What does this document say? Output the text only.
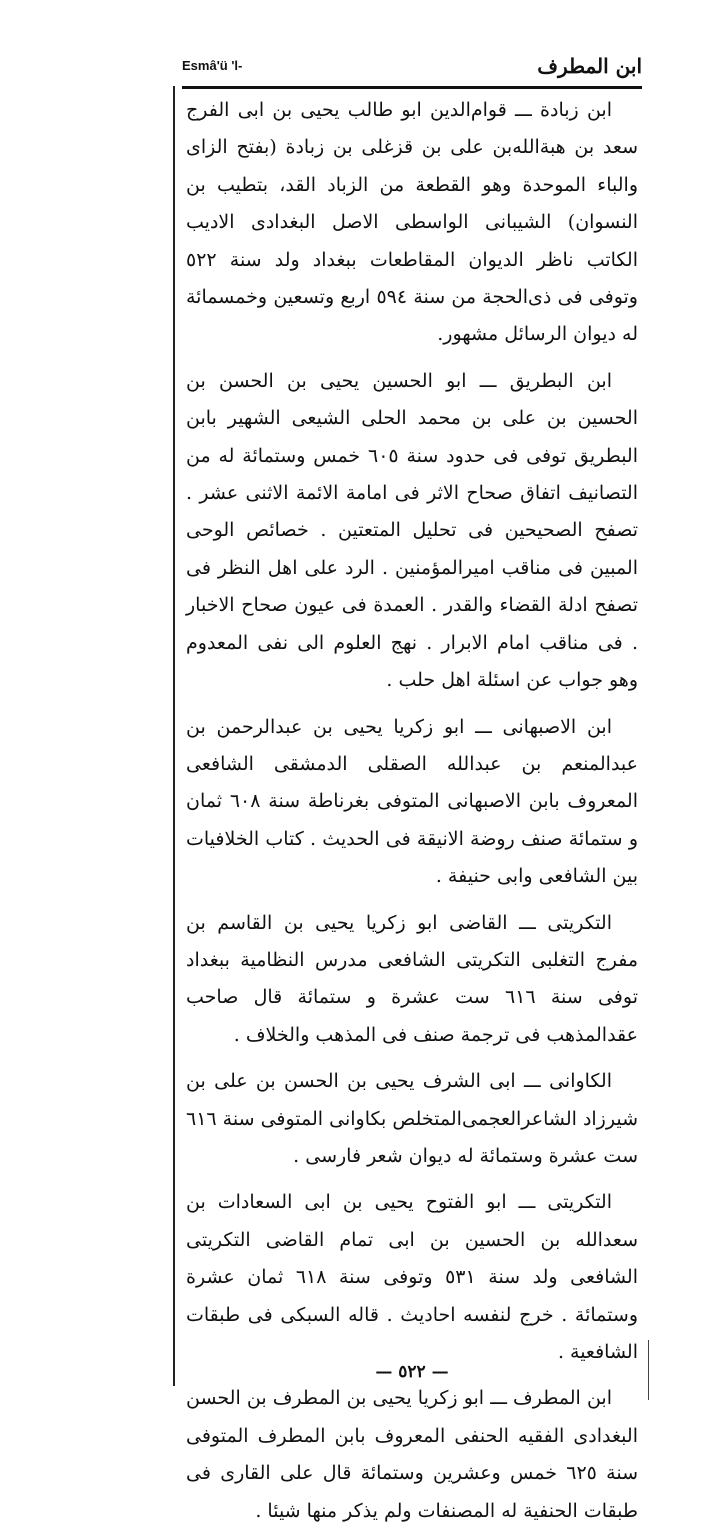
Esmâ'ü 'l-	ابن المطرف

ابن زبادة ـــ قوام‌الدين ابو طالب يحيى بن ابى الفرج سعد بن هبةالله‌بن على بن قزغلى بن زبادة (بفتح الزاى والباء الموحدة وهو القطعة من الزباد القد، بتطيب بن النسوان) الشيبانى الواسطى الاصل البغدادى الاديب الكاتب ناظر الديوان المقاطعات ببغداد ولد سنة ٥٢٢ وتوفى فى ذى‌الحجة من سنة ٥٩٤ اربع وتسعين وخمسمائة له ديوان الرسائل مشهور.

ابن البطريق ـــ ابو الحسين يحيى بن الحسن بن الحسين بن على بن محمد الحلى الشيعى الشهير بابن البطريق توفى فى حدود سنة ٦٠٥ خمس وستمائة له من التصانيف اتفاق صحاح الاثر فى امامة الائمة الاثنى عشر . تصفح الصحيحين فى تحليل المتعتين . خصائص الوحى المبين فى مناقب اميرالمؤمنين . الرد على اهل النظر فى تصفح ادلة القضاء والقدر . العمدة فى عيون صحاح الاخبار . فى مناقب امام الابرار . نهج العلوم الى نفى المعدوم وهو جواب عن اسئلة اهل حلب .

ابن الاصبهانى ـــ ابو زكريا يحيى بن عبدالرحمن بن عبدالمنعم بن عبدالله الصقلى الدمشقى الشافعى المعروف بابن الاصبهانى المتوفى بغرناطة سنة ٦٠٨ ثمان و ستمائة صنف روضة الانيقة فى الحديث . كتاب الخلافيات بين الشافعى وابى حنيفة .

التكريتى ـــ القاضى ابو زكريا يحيى بن القاسم بن مفرج التغلبى التكريتى الشافعى مدرس النظامية ببغداد توفى سنة ٦١٦ ست عشرة و ستمائة قال صاحب عقدالمذهب فى ترجمة صنف فى المذهب والخلاف .

الكاوانى ـــ ابى الشرف يحيى بن الحسن بن على بن شيرزاد الشاعرالعجمى‌المتخلص بكاوانى المتوفى سنة ٦١٦ ست عشرة وستمائة له ديوان شعر فارسى .

التكريتى ـــ ابو الفتوح يحيى بن ابى السعادات بن سعدالله بن الحسين بن ابى تمام القاضى التكريتى الشافعى ولد سنة ٥٣١ وتوفى سنة ٦١٨ ثمان عشرة وستمائة . خرج لنفسه احاديث . قاله السبكى فى طبقات الشافعية .

ابن المطرف ـــ ابو زكريا يحيى بن المطرف بن الحسن البغدادى الفقيه الحنفى المعروف بابن المطرف المتوفى سنة ٦٢٥ خمس وعشرين وستمائة قال على القارى فى طبقات الحنفية له المصنفات ولم يذكر منها شيئا .

— ٥٢٢ —
